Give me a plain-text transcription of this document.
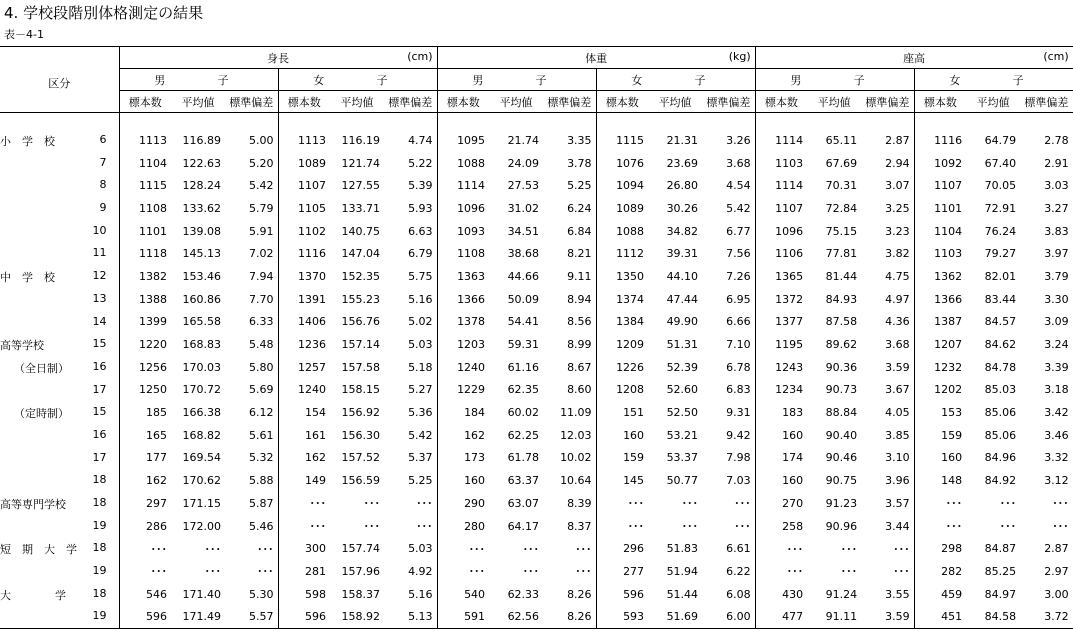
4. 学校段階別体格測定の結果
表－4-1
区分	身長 (cm)						体重 (kg)						座高 (cm)					

	男 子			女 子			男 子			女 子			男 子			女 子		

	標本数	平均値	標準偏差	標本数	平均値	標準偏差	標本数	平均値	標準偏差	標本数	平均値	標準偏差	標本数	平均値	標準偏差	標本数	平均値	標準偏差

小　学　校 6	1113	116.89	5.00	1113	116.19	4.74	1095	21.74	3.35	1115	21.31	3.26	1114	65.11	2.87	1116	64.79	2.78

7	1104	122.63	5.20	1089	121.74	5.22	1088	24.09	3.78	1076	23.69	3.68	1103	67.69	2.94	1092	67.40	2.91

8	1115	128.24	5.42	1107	127.55	5.39	1114	27.53	5.25	1094	26.80	4.54	1114	70.31	3.07	1107	70.05	3.03

9	1108	133.62	5.79	1105	133.71	5.93	1096	31.02	6.24	1089	30.26	5.42	1107	72.84	3.25	1101	72.91	3.27

10	1101	139.08	5.91	1102	140.75	6.63	1093	34.51	6.84	1088	34.82	6.77	1096	75.15	3.23	1104	76.24	3.83

11	1118	145.13	7.02	1116	147.04	6.79	1108	38.68	8.21	1112	39.31	7.56	1106	77.81	3.82	1103	79.27	3.97

中　学　校 12	1382	153.46	7.94	1370	152.35	5.75	1363	44.66	9.11	1350	44.10	7.26	1365	81.44	4.75	1362	82.01	3.79

13	1388	160.86	7.70	1391	155.23	5.16	1366	50.09	8.94	1374	47.44	6.95	1372	84.93	4.97	1366	83.44	3.30

14	1399	165.58	6.33	1406	156.76	5.02	1378	54.41	8.56	1384	49.90	6.66	1377	87.58	4.36	1387	84.57	3.09

高等学校 15	1220	168.83	5.48	1236	157.14	5.03	1203	59.31	8.99	1209	51.31	7.10	1195	89.62	3.68	1207	84.62	3.24

（全日制） 16	1256	170.03	5.80	1257	157.58	5.18	1240	61.16	8.67	1226	52.39	6.78	1243	90.36	3.59	1232	84.78	3.39

17	1250	170.72	5.69	1240	158.15	5.27	1229	62.35	8.60	1208	52.60	6.83	1234	90.73	3.67	1202	85.03	3.18

（定時制） 15	185	166.38	6.12	154	156.92	5.36	184	60.02	11.09	151	52.50	9.31	183	88.84	4.05	153	85.06	3.42

16	165	168.82	5.61	161	156.30	5.42	162	62.25	12.03	160	53.21	9.42	160	90.40	3.85	159	85.06	3.46

17	177	169.54	5.32	162	157.52	5.37	173	61.78	10.02	159	53.37	7.98	174	90.46	3.10	160	84.96	3.32

18	162	170.62	5.88	149	156.59	5.25	160	63.37	10.64	145	50.77	7.03	160	90.75	3.96	148	84.92	3.12

高等専門学校 18	297	171.15	5.87	･･･	･･･	･･･	290	63.07	8.39	･･･	･･･	･･･	270	91.23	3.57	･･･	･･･	･･･

19	286	172.00	5.46	･･･	･･･	･･･	280	64.17	8.37	･･･	･･･	･･･	258	90.96	3.44	･･･	･･･	･･･

短　期　大　学 18	･･･	･･･	･･･	300	157.74	5.03	･･･	･･･	･･･	296	51.83	6.61	･･･	･･･	･･･	298	84.87	2.87

19	･･･	･･･	･･･	281	157.96	4.92	･･･	･･･	･･･	277	51.94	6.22	･･･	･･･	･･･	282	85.25	2.97

大　　　　学 18	546	171.40	5.30	598	158.37	5.16	540	62.33	8.26	596	51.44	6.08	430	91.24	3.55	459	84.97	3.00

19	596	171.49	5.57	596	158.92	5.13	591	62.56	8.26	593	51.69	6.00	477	91.11	3.59	451	84.58	3.72
